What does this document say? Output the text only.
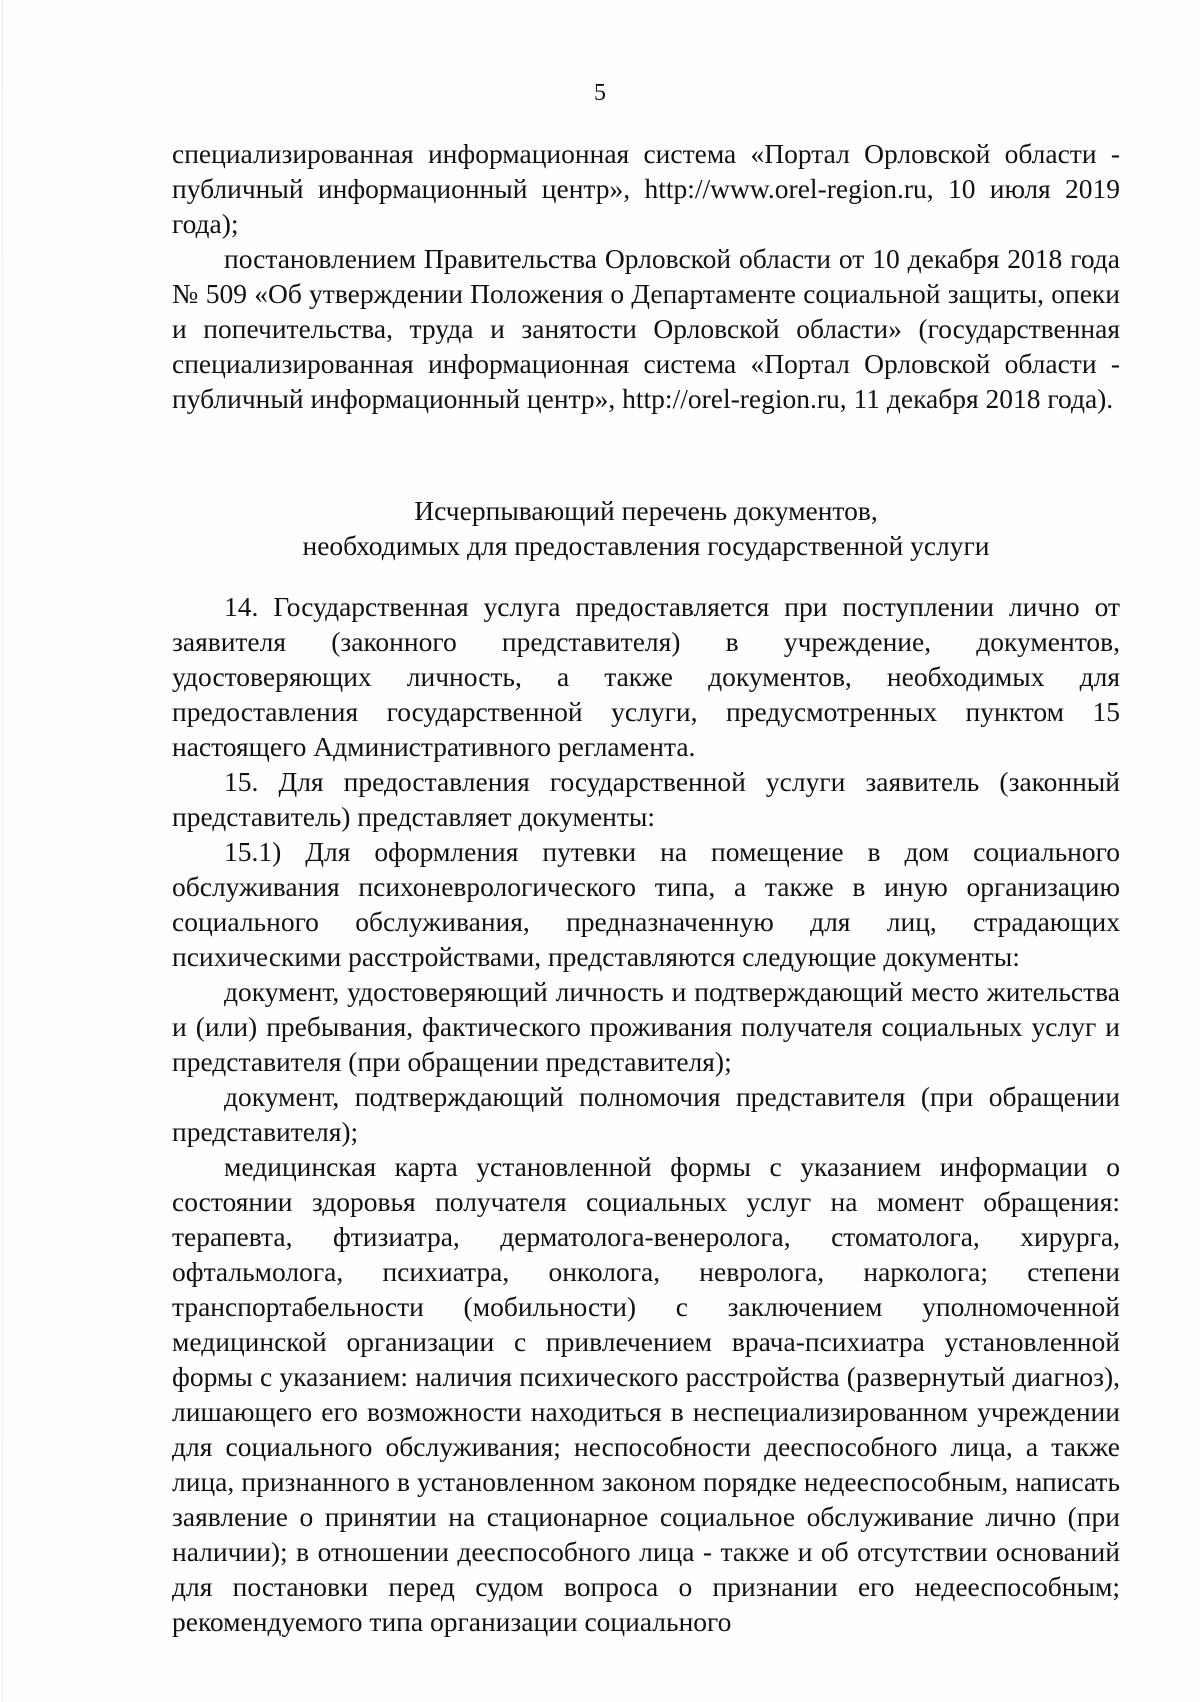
5

специализированная информационная система «Портал Орловской области - публичный информационный центр», http://www.orel-region.ru, 10 июля 2019 года);

постановлением Правительства Орловской области от 10 декабря 2018 года № 509 «Об утверждении Положения о Департаменте социальной защиты, опеки и попечительства, труда и занятости Орловской области» (государственная специализированная информационная система «Портал Орловской области - публичный информационный центр», http://orel-region.ru, 11 декабря 2018 года).

Исчерпывающий перечень документов,

необходимых для предоставления государственной услуги

14. Государственная услуга предоставляется при поступлении лично от заявителя (законного представителя) в учреждение, документов, удостоверяющих личность, а также документов, необходимых для предоставления государственной услуги, предусмотренных пунктом 15 настоящего Административного регламента.

15. Для предоставления государственной услуги заявитель (законный представитель) представляет документы:

15.1) Для оформления путевки на помещение в дом социального обслуживания психоневрологического типа, а также в иную организацию социального обслуживания, предназначенную для лиц, страдающих психическими расстройствами, представляются следующие документы:

документ, удостоверяющий личность и подтверждающий место жительства и (или) пребывания, фактического проживания получателя социальных услуг и представителя (при обращении представителя);

документ, подтверждающий полномочия представителя (при обращении представителя);

медицинская карта установленной формы с указанием информации о состоянии здоровья получателя социальных услуг на момент обращения: терапевта, фтизиатра, дерматолога-венеролога, стоматолога, хирурга, офтальмолога, психиатра, онколога, невролога, нарколога; степени транспортабельности (мобильности) с заключением уполномоченной медицинской организации с привлечением врача-психиатра установленной формы с указанием: наличия психического расстройства (развернутый диагноз), лишающего его возможности находиться в неспециализированном учреждении для социального обслуживания; неспособности дееспособного лица, а также лица, признанного в установленном законом порядке недееспособным, написать заявление о принятии на стационарное социальное обслуживание лично (при наличии); в отношении дееспособного лица - также и об отсутствии оснований для постановки перед судом вопроса о признании его недееспособным; рекомендуемого типа организации социального
